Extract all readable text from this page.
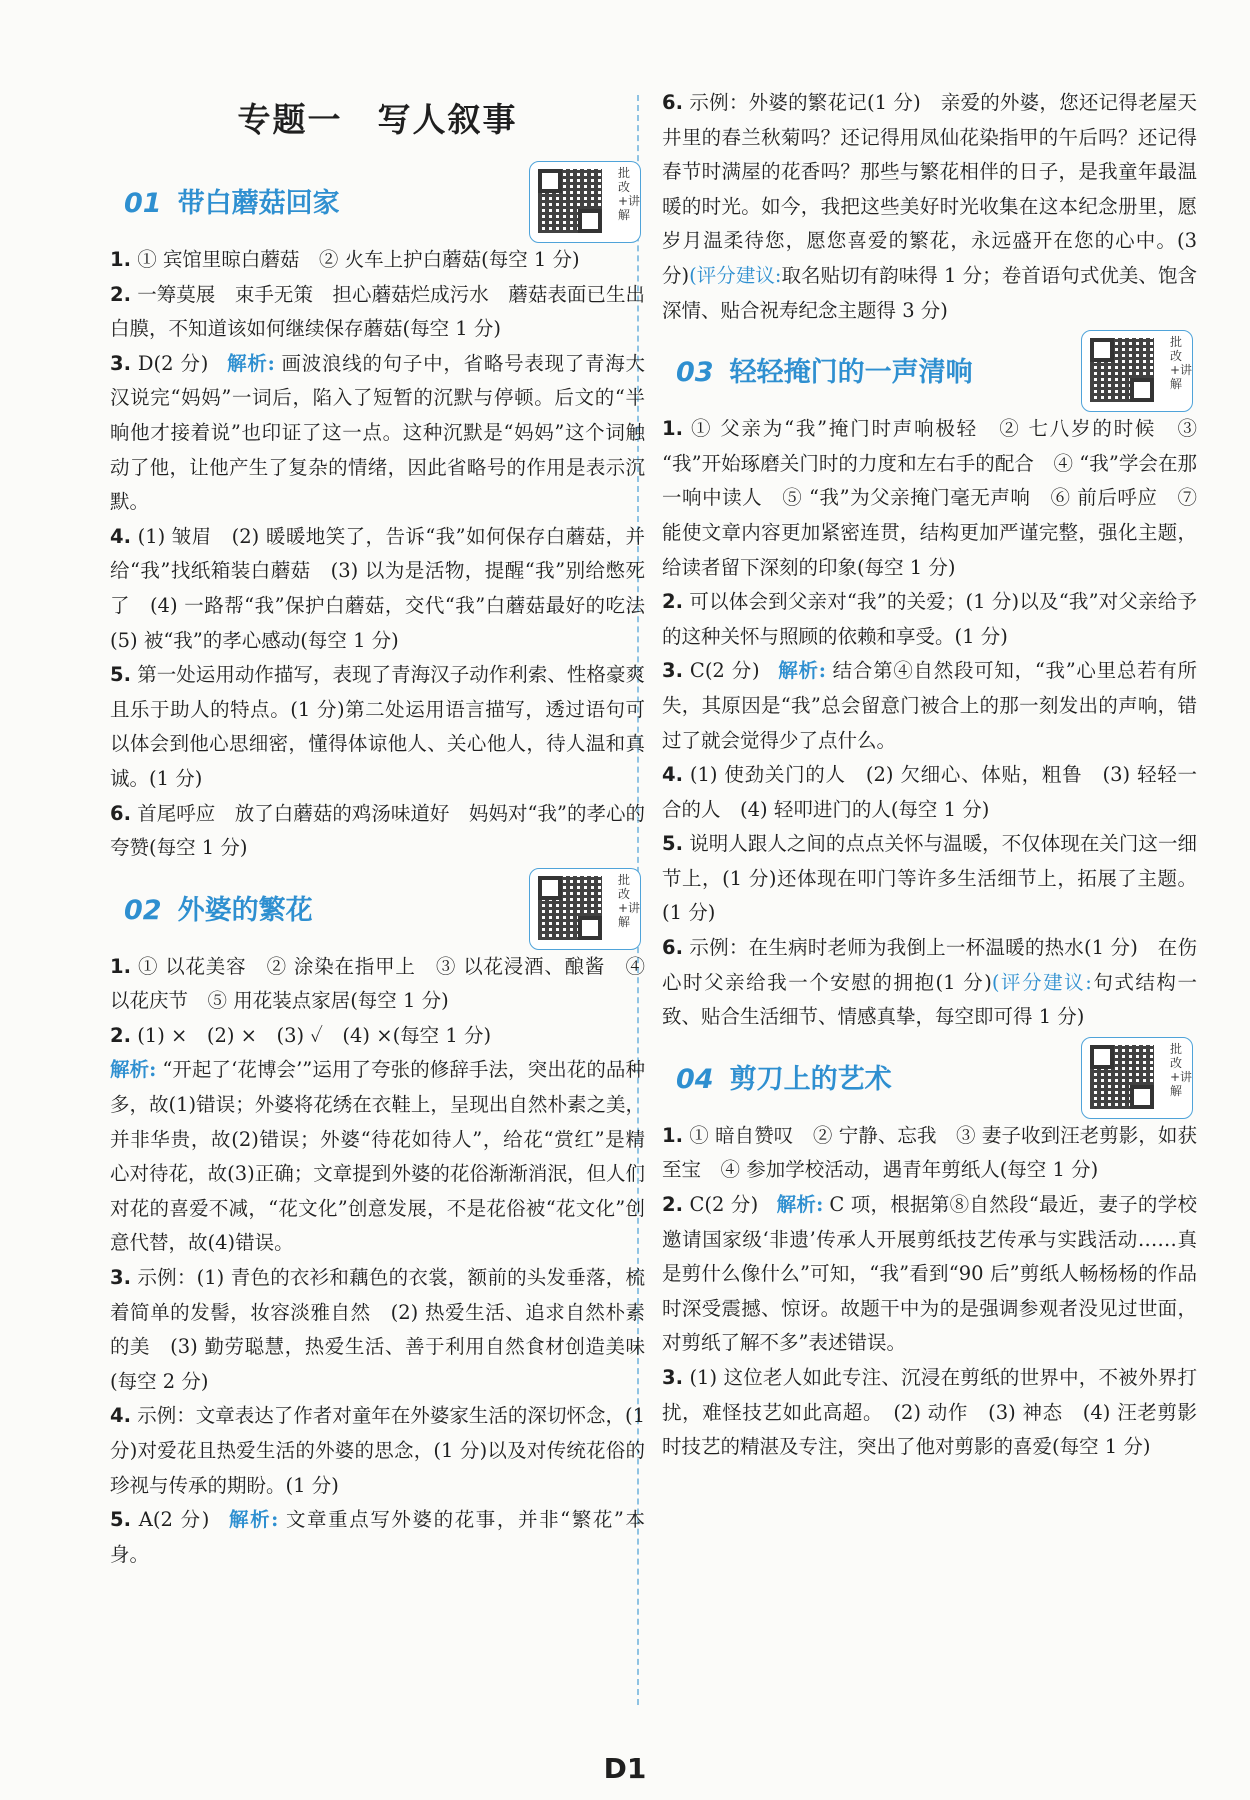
专题一　写人叙事
01 带白蘑菇回家
批改+讲解

1. ① 宾馆里晾白蘑菇　② 火车上护白蘑菇(每空 1 分)

2. 一筹莫展　束手无策　担心蘑菇烂成污水　蘑菇表面已生出白膜，不知道该如何继续保存蘑菇(每空 1 分)

3. D(2 分) 解析: 画波浪线的句子中，省略号表现了青海大汉说完“妈妈”一词后，陷入了短暂的沉默与停顿。后文的“半晌他才接着说”也印证了这一点。这种沉默是“妈妈”这个词触动了他，让他产生了复杂的情绪，因此省略号的作用是表示沉默。

4. (1) 皱眉　(2) 暖暖地笑了，告诉“我”如何保存白蘑菇，并给“我”找纸箱装白蘑菇　(3) 以为是活物，提醒“我”别给憋死了　(4) 一路帮“我”保护白蘑菇，交代“我”白蘑菇最好的吃法　(5) 被“我”的孝心感动(每空 1 分)

5. 第一处运用动作描写，表现了青海汉子动作利索、性格豪爽且乐于助人的特点。(1 分)第二处运用语言描写，透过语句可以体会到他心思细密，懂得体谅他人、关心他人，待人温和真诚。(1 分)

6. 首尾呼应　放了白蘑菇的鸡汤味道好　妈妈对“我”的孝心的夸赞(每空 1 分)

02 外婆的繁花
批改+讲解

1. ① 以花美容　② 涂染在指甲上　③ 以花浸酒、酿酱　④ 以花庆节　⑤ 用花装点家居(每空 1 分)

2. (1) ×　(2) ×　(3) ✓　(4) ×(每空 1 分)

解析: “开起了‘花博会’”运用了夸张的修辞手法，突出花的品种多，故(1)错误；外婆将花绣在衣鞋上，呈现出自然朴素之美，并非华贵，故(2)错误；外婆“待花如待人”，给花“赏红”是精心对待花，故(3)正确；文章提到外婆的花俗渐渐消泯，但人们对花的喜爱不减，“花文化”创意发展，不是花俗被“花文化”创意代替，故(4)错误。

3. 示例：(1) 青色的衣衫和藕色的衣裳，额前的头发垂落，梳着简单的发髻，妆容淡雅自然　(2) 热爱生活、追求自然朴素的美　(3) 勤劳聪慧，热爱生活、善于利用自然食材创造美味(每空 2 分)

4. 示例：文章表达了作者对童年在外婆家生活的深切怀念，(1 分)对爱花且热爱生活的外婆的思念，(1 分)以及对传统花俗的珍视与传承的期盼。(1 分)

5. A(2 分) 解析: 文章重点写外婆的花事，并非“繁花”本身。

6. 示例：外婆的繁花记(1 分)　亲爱的外婆，您还记得老屋天井里的春兰秋菊吗？还记得用凤仙花染指甲的午后吗？还记得春节时满屋的花香吗？那些与繁花相伴的日子，是我童年最温暖的时光。如今，我把这些美好时光收集在这本纪念册里，愿岁月温柔待您，愿您喜爱的繁花，永远盛开在您的心中。(3 分)(评分建议:取名贴切有韵味得 1 分；卷首语句式优美、饱含深情、贴合祝寿纪念主题得 3 分)

03 轻轻掩门的一声清响
批改+讲解

1. ① 父亲为“我”掩门时声响极轻　② 七八岁的时候　③ “我”开始琢磨关门时的力度和左右手的配合　④ “我”学会在那一响中读人　⑤ “我”为父亲掩门毫无声响　⑥ 前后呼应　⑦ 能使文章内容更加紧密连贯，结构更加严谨完整，强化主题，给读者留下深刻的印象(每空 1 分)

2. 可以体会到父亲对“我”的关爱；(1 分)以及“我”对父亲给予的这种关怀与照顾的依赖和享受。(1 分)

3. C(2 分) 解析: 结合第④自然段可知，“我”心里总若有所失，其原因是“我”总会留意门被合上的那一刻发出的声响，错过了就会觉得少了点什么。

4. (1) 使劲关门的人　(2) 欠细心、体贴，粗鲁　(3) 轻轻一合的人　(4) 轻叩进门的人(每空 1 分)

5. 说明人跟人之间的点点关怀与温暖，不仅体现在关门这一细节上，(1 分)还体现在叩门等许多生活细节上，拓展了主题。(1 分)

6. 示例：在生病时老师为我倒上一杯温暖的热水(1 分)　在伤心时父亲给我一个安慰的拥抱(1 分)(评分建议:句式结构一致、贴合生活细节、情感真挚，每空即可得 1 分)

04 剪刀上的艺术
批改+讲解

1. ① 暗自赞叹　② 宁静、忘我　③ 妻子收到汪老剪影，如获至宝　④ 参加学校活动，遇青年剪纸人(每空 1 分)

2. C(2 分) 解析: C 项，根据第⑧自然段“最近，妻子的学校邀请国家级‘非遗’传承人开展剪纸技艺传承与实践活动……真是剪什么像什么”可知，“我”看到“90 后”剪纸人畅杨杨的作品时深受震撼、惊讶。故题干中为的是强调参观者没见过世面，对剪纸了解不多”表述错误。

3. (1) 这位老人如此专注、沉浸在剪纸的世界中，不被外界打扰，难怪技艺如此高超。　(2) 动作　(3) 神态　(4) 汪老剪影时技艺的精湛及专注，突出了他对剪影的喜爱(每空 1 分)

D1
